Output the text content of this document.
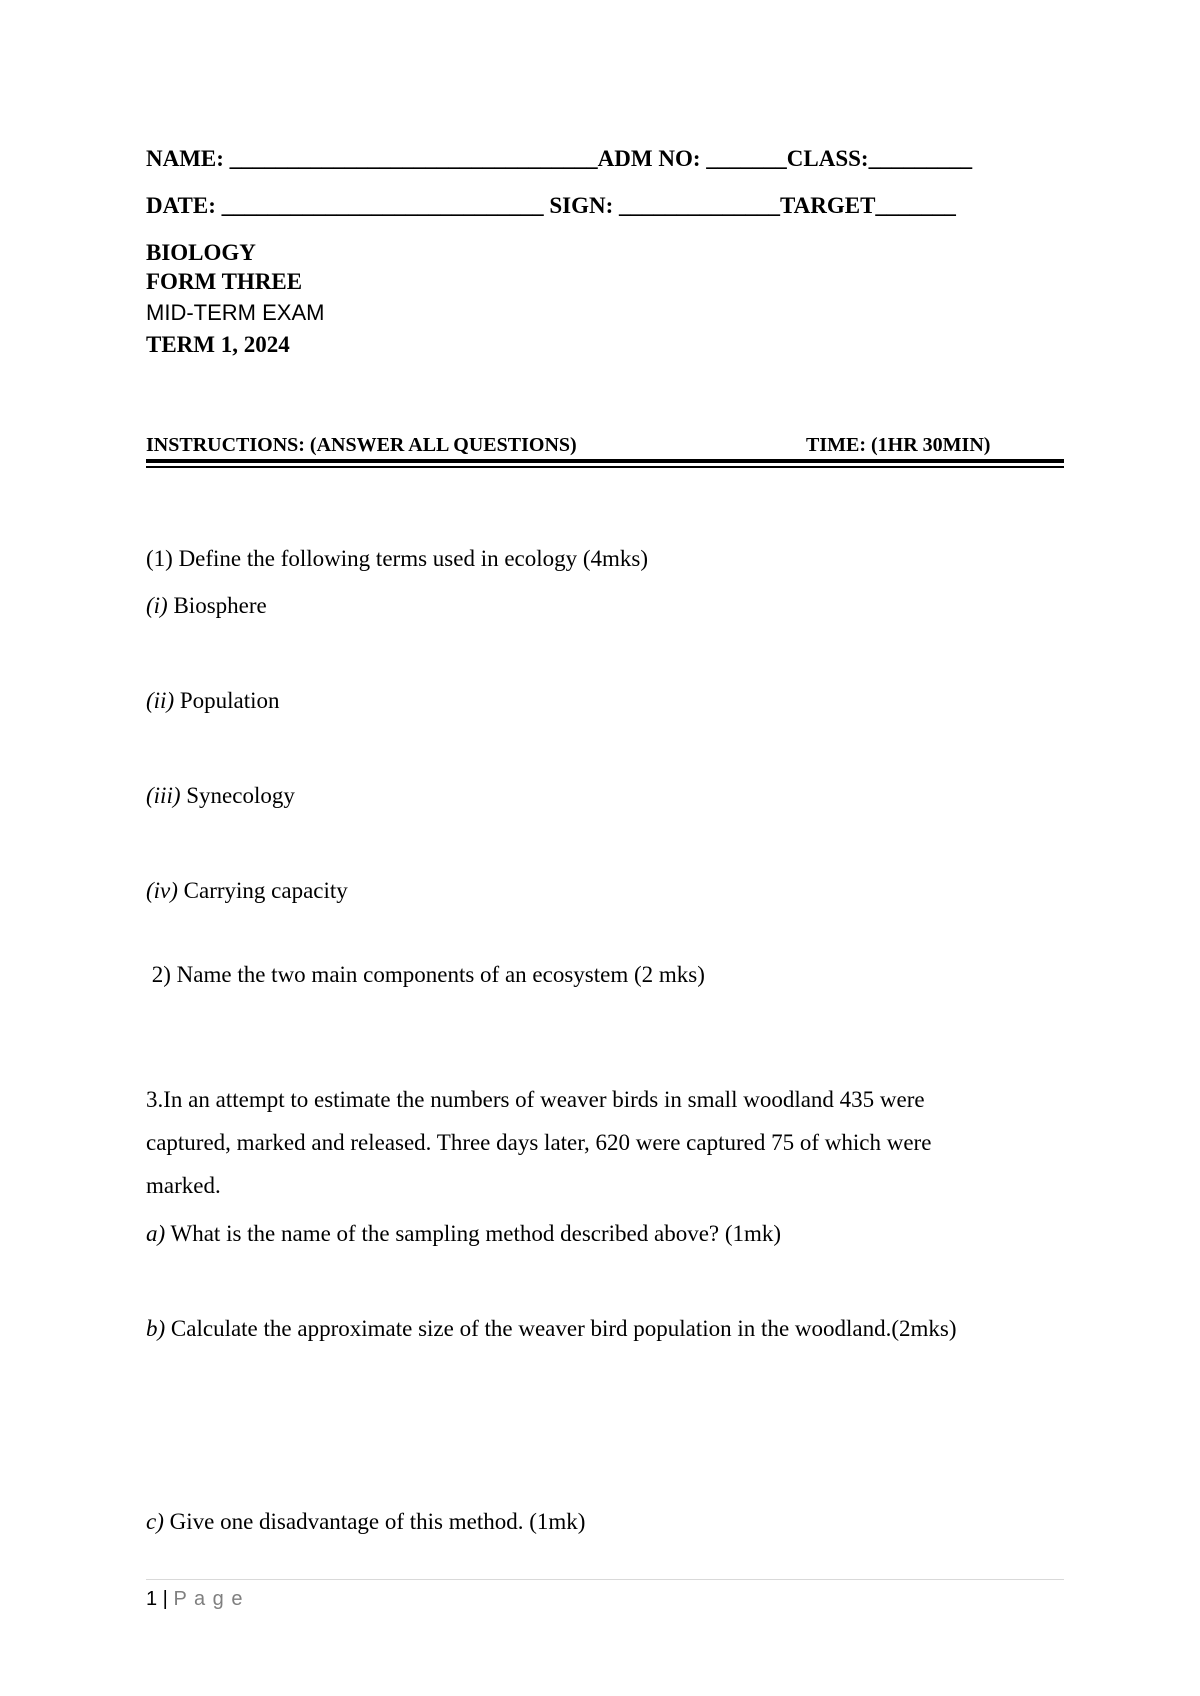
NAME: ________________________________ADM NO: _______CLASS:_________
DATE: ____________________________ SIGN: ______________TARGET_______
BIOLOGY
FORM THREE
MID-TERM EXAM
TERM 1, 2024
INSTRUCTIONS: (ANSWER ALL QUESTIONS)	TIME: (1HR 30MIN)
(1) Define the following terms used in ecology (4mks)
(i) Biosphere
(ii) Population
(iii) Synecology
(iv) Carrying capacity
2) Name the two main components of an ecosystem (2 mks)
3.In an attempt to estimate the numbers of weaver birds in small woodland 435 were
captured, marked and released. Three days later, 620 were captured 75 of which were
marked.
a) What is the name of the sampling method described above? (1mk)
b) Calculate the approximate size of the weaver bird population in the woodland.(2mks)
c) Give one disadvantage of this method. (1mk)
1 | P a g e
